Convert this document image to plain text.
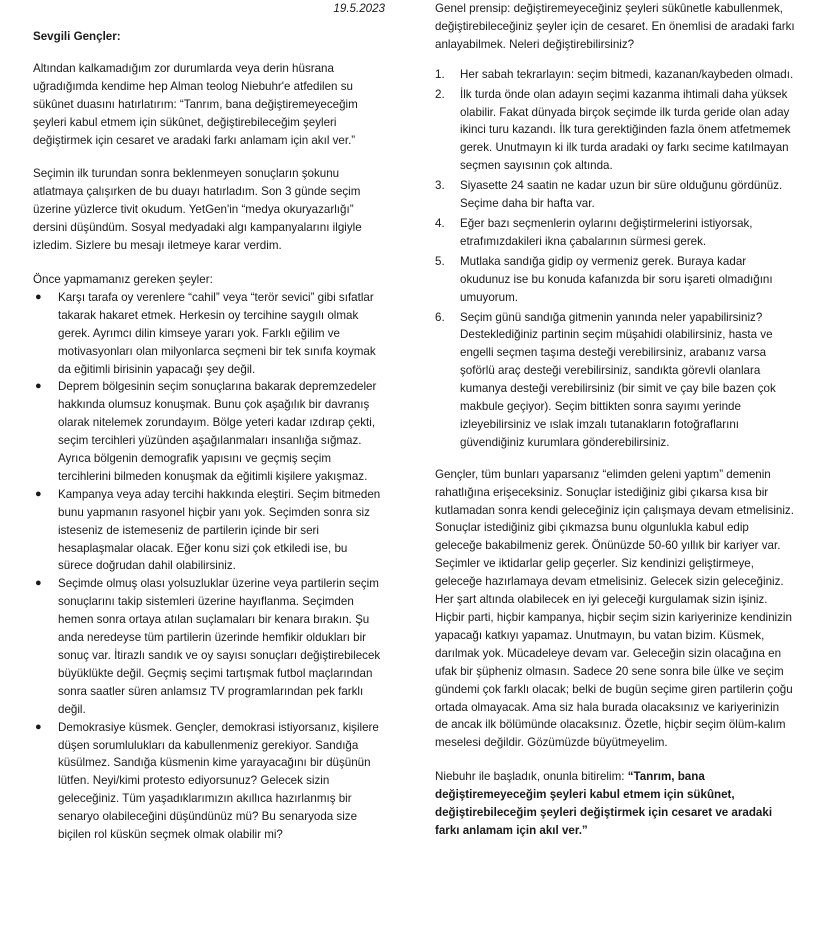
19.5.2023

Sevgili Gençler:

Altından kalkamadığım zor durumlarda veya derin hüsrana uğradığımda kendime hep Alman teolog Niebuhr'e atfedilen su sükûnet duasını hatırlatırım: “Tanrım, bana değiştiremeyeceğim şeyleri kabul etmem için sükûnet, değiştirebileceğim şeyleri değiştirmek için cesaret ve aradaki farkı anlamam için akıl ver.”

Seçimin ilk turundan sonra beklenmeyen sonuçların şokunu atlatmaya çalışırken de bu duayı hatırladım. Son 3 günde seçim üzerine yüzlerce tivit okudum. YetGen'in “medya okuryazarlığı” dersini düşündüm. Sosyal medyadaki algı kampanyalarını ilgiyle izledim. Sizlere bu mesajı iletmeye karar verdim.

Önce yapmamanız gereken şeyler:

● Karşı tarafa oy verenlere “cahil” veya “terör sevici” gibi sıfatlar takarak hakaret etmek. Herkesin oy tercihine saygılı olmak gerek. Ayrımcı dilin kimseye yararı yok. Farklı eğilim ve motivasyonları olan milyonlarca seçmeni bir tek sınıfa koymak da eğitimli birisinin yapacağı şey değil.
● Deprem bölgesinin seçim sonuçlarına bakarak depremzedeler hakkında olumsuz konuşmak. Bunu çok aşağılık bir davranış olarak nitelemek zorundayım. Bölge yeteri kadar ızdırap çekti, seçim tercihleri yüzünden aşağılanmaları insanlığa sığmaz. Ayrıca bölgenin demografik yapısını ve geçmiş seçim tercihlerini bilmeden konuşmak da eğitimli kişilere yakışmaz.
● Kampanya veya aday tercihi hakkında eleştiri. Seçim bitmeden bunu yapmanın rasyonel hiçbir yanı yok. Seçimden sonra siz isteseniz de istemeseniz de partilerin içinde bir seri hesaplaşmalar olacak. Eğer konu sizi çok etkiledi ise, bu sürece doğrudan dahil olabilirsiniz.
● Seçimde olmuş olası yolsuzluklar üzerine veya partilerin seçim sonuçlarını takip sistemleri üzerine hayıflanma. Seçimden hemen sonra ortaya atılan suçlamaları bir kenara bırakın. Şu anda neredeyse tüm partilerin üzerinde hemfikir oldukları bir sonuç var. İtirazlı sandık ve oy sayısı sonuçları değiştirebilecek büyüklükte değil. Geçmiş seçimi tartışmak futbol maçlarından sonra saatler süren anlamsız TV programlarından pek farklı değil.
● Demokrasiye küsmek. Gençler, demokrasi istiyorsanız, kişilere düşen sorumlulukları da kabullenmeniz gerekiyor. Sandığa küsülmez. Sandığa küsmenin kime yarayacağını bir düşünün lütfen. Neyi/kimi protesto ediyorsunuz? Gelecek sizin geleceğiniz. Tüm yaşadıklarımızın akıllıca hazırlanmış bir senaryo olabileceğini düşündünüz mü? Bu senaryoda size biçilen rol küskün seçmek olmak olabilir mi?

Genel prensip: değiştiremeyeceğiniz şeyleri sükûnetle kabullenmek, değiştirebileceğiniz şeyler için de cesaret. En önemlisi de aradaki farkı anlayabilmek. Neleri değiştirebilirsiniz?

1. Her sabah tekrarlayın: seçim bitmedi, kazanan/kaybeden olmadı.
2. İlk turda önde olan adayın seçimi kazanma ihtimali daha yüksek olabilir. Fakat dünyada birçok seçimde ilk turda geride olan aday ikinci turu kazandı. İlk tura gerektiğinden fazla önem atfetmemek gerek. Unutmayın ki ilk turda aradaki oy farkı secime katılmayan seçmen sayısının çok altında.
3. Siyasette 24 saatin ne kadar uzun bir süre olduğunu gördünüz. Seçime daha bir hafta var.
4. Eğer bazı seçmenlerin oylarını değiştirmelerini istiyorsak, etrafımızdakileri ikna çabalarının sürmesi gerek.
5. Mutlaka sandığa gidip oy vermeniz gerek. Buraya kadar okudunuz ise bu konuda kafanızda bir soru işareti olmadığını umuyorum.
6. Seçim günü sandığa gitmenin yanında neler yapabilirsiniz? Desteklediğiniz partinin seçim müşahidi olabilirsiniz, hasta ve engelli seçmen taşıma desteği verebilirsiniz, arabanız varsa şoförlü araç desteği verebilirsiniz, sandıkta görevli olanlara kumanya desteği verebilirsiniz (bir simit ve çay bile bazen çok makbule geçiyor). Seçim bittikten sonra sayımı yerinde izleyebilirsiniz ve ıslak imzalı tutanakların fotoğraflarını güvendiğiniz kurumlara gönderebilirsiniz.

Gençler, tüm bunları yaparsanız “elimden geleni yaptım” demenin rahatlığına erişeceksiniz. Sonuçlar istediğiniz gibi çıkarsa kısa bir kutlamadan sonra kendi geleceğiniz için çalışmaya devam etmelisiniz. Sonuçlar istediğiniz gibi çıkmazsa bunu olgunlukla kabul edip geleceğe bakabilmeniz gerek. Önünüzde 50-60 yıllık bir kariyer var. Seçimler ve iktidarlar gelip geçerler. Siz kendinizi geliştirmeye, geleceğe hazırlamaya devam etmelisiniz. Gelecek sizin geleceğiniz. Her şart altında olabilecek en iyi geleceği kurgulamak sizin işiniz. Hiçbir parti, hiçbir kampanya, hiçbir seçim sizin kariyerinize kendinizin yapacağı katkıyı yapamaz. Unutmayın, bu vatan bizim. Küsmek, darılmak yok. Mücadeleye devam var. Geleceğin sizin olacağına en ufak bir şüpheniz olmasın. Sadece 20 sene sonra bile ülke ve seçim gündemi çok farklı olacak; belki de bugün seçime giren partilerin çoğu ortada olmayacak. Ama siz hala burada olacaksınız ve kariyerinizin de ancak ilk bölümünde olacaksınız. Özetle, hiçbir seçim ölüm-kalım meselesi değildir. Gözümüzde büyütmeyelim.

Niebuhr ile başladık, onunla bitirelim: “Tanrım, bana değiştiremeyeceğim şeyleri kabul etmem için sükûnet, değiştirebileceğim şeyleri değiştirmek için cesaret ve aradaki farkı anlamam için akıl ver.”
